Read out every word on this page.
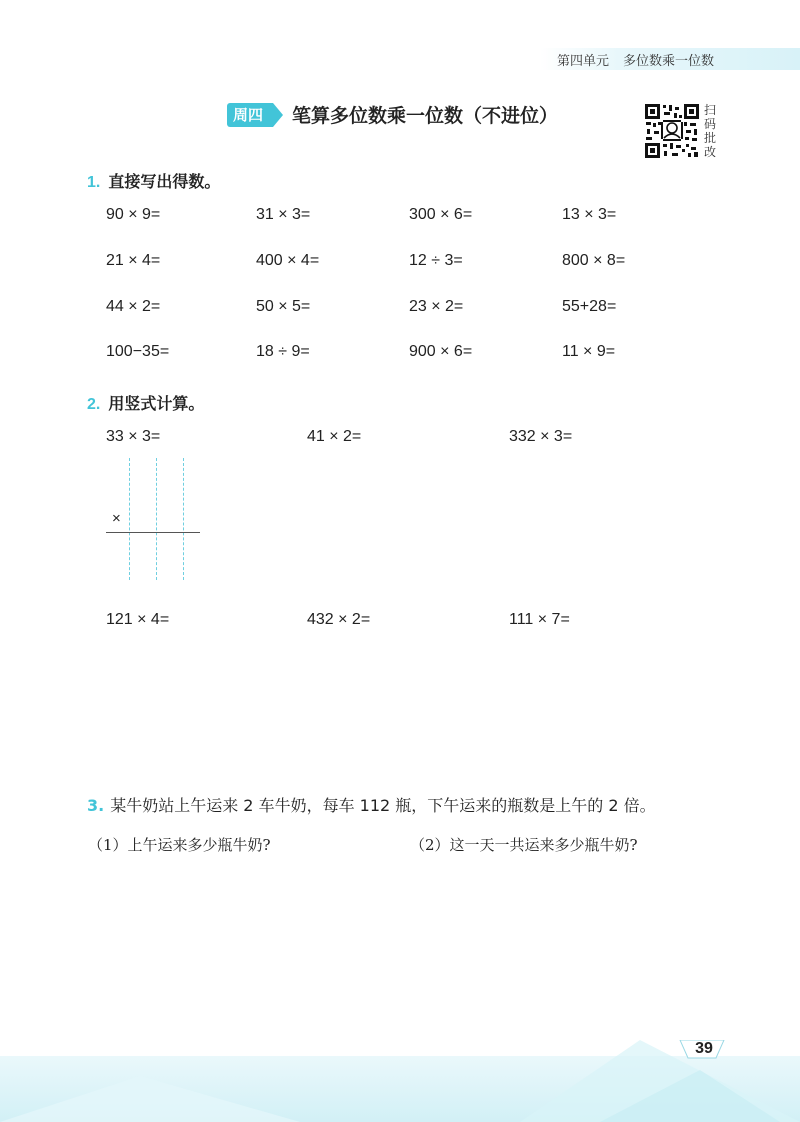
第四单元 多位数乘一位数
周四	笔算多位数乘一位数（不进位）	扫码批改
1. 直接写出得数。
90 × 9=	31 × 3=	300 × 6=	13 × 3=
21 × 4=	400 × 4=	12 ÷ 3=	800 × 8=
44 × 2=	50 × 5=	23 × 2=	55+28=
100−35=	18 ÷ 9=	900 × 6=	11 × 9=
2. 用竖式计算。
33 × 3=	41 × 2=	332 × 3=
×
121 × 4=	432 × 2=	111 × 7=
3. 某牛奶站上午运来 2 车牛奶，每车 112 瓶，下午运来的瓶数是上午的 2 倍。
（1）上午运来多少瓶牛奶?	（2）这一天一共运来多少瓶牛奶?
39
